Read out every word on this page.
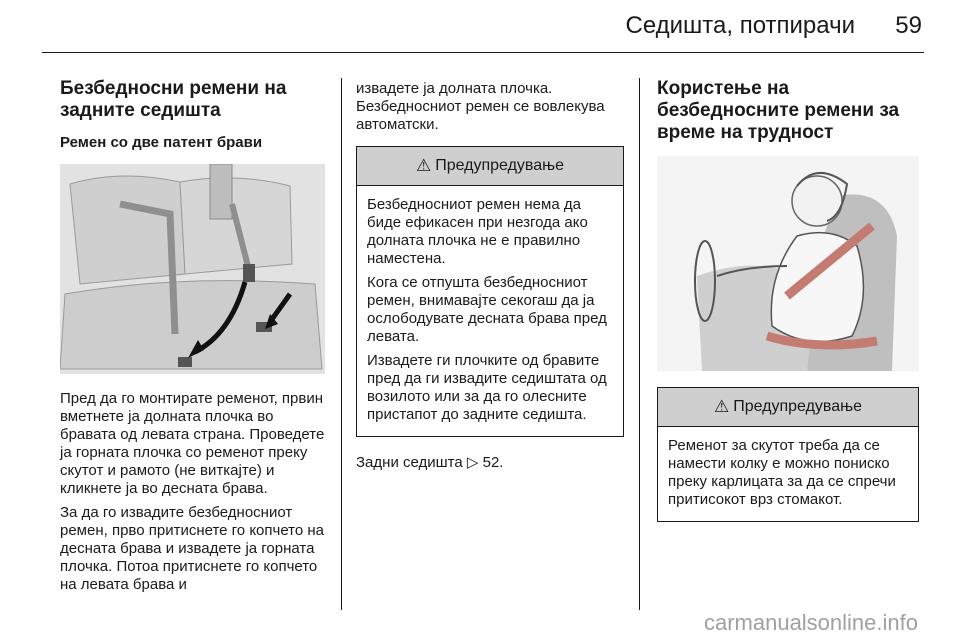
Седишта, потпирачи 59
Безбедносни ремени на задните седишта
Ремен со две патент брави

Пред да го монтирате ременот, првин вметнете ја долната плочка во бравата од левата страна. Проведете ја горната плочка со ременот преку скутот и рамото (не виткајте) и кликнете ја во десната брава.

За да го извадите безбедносниот ремен, прво притиснете го копчето на десната брава и извадете ја горната плочка. Потоа притиснете го копчето на левата брава и

извадете ја долната плочка. Безбедносниот ремен се вовлекува автоматски.

⚠ Предупредување

Безбедносниот ремен нема да биде ефикасен при незгода ако долната плочка не е правилно наместена.

Кога се отпушта безбедносниот ремен, внимавајте секогаш да ја ослободувате десната брава пред левата.

Извадете ги плочките од бравите пред да ги извадите седиштата од возилото или за да го олесните пристапот до задните седишта.

Задни седишта ▷ 52.
Користење на безбедносните ремени за време на трудност
⚠ Предупредување

Ременот за скутот треба да се намести колку е можно пониско преку карлицата за да се спречи притисокот врз стомакот.

carmanualsonline.info
